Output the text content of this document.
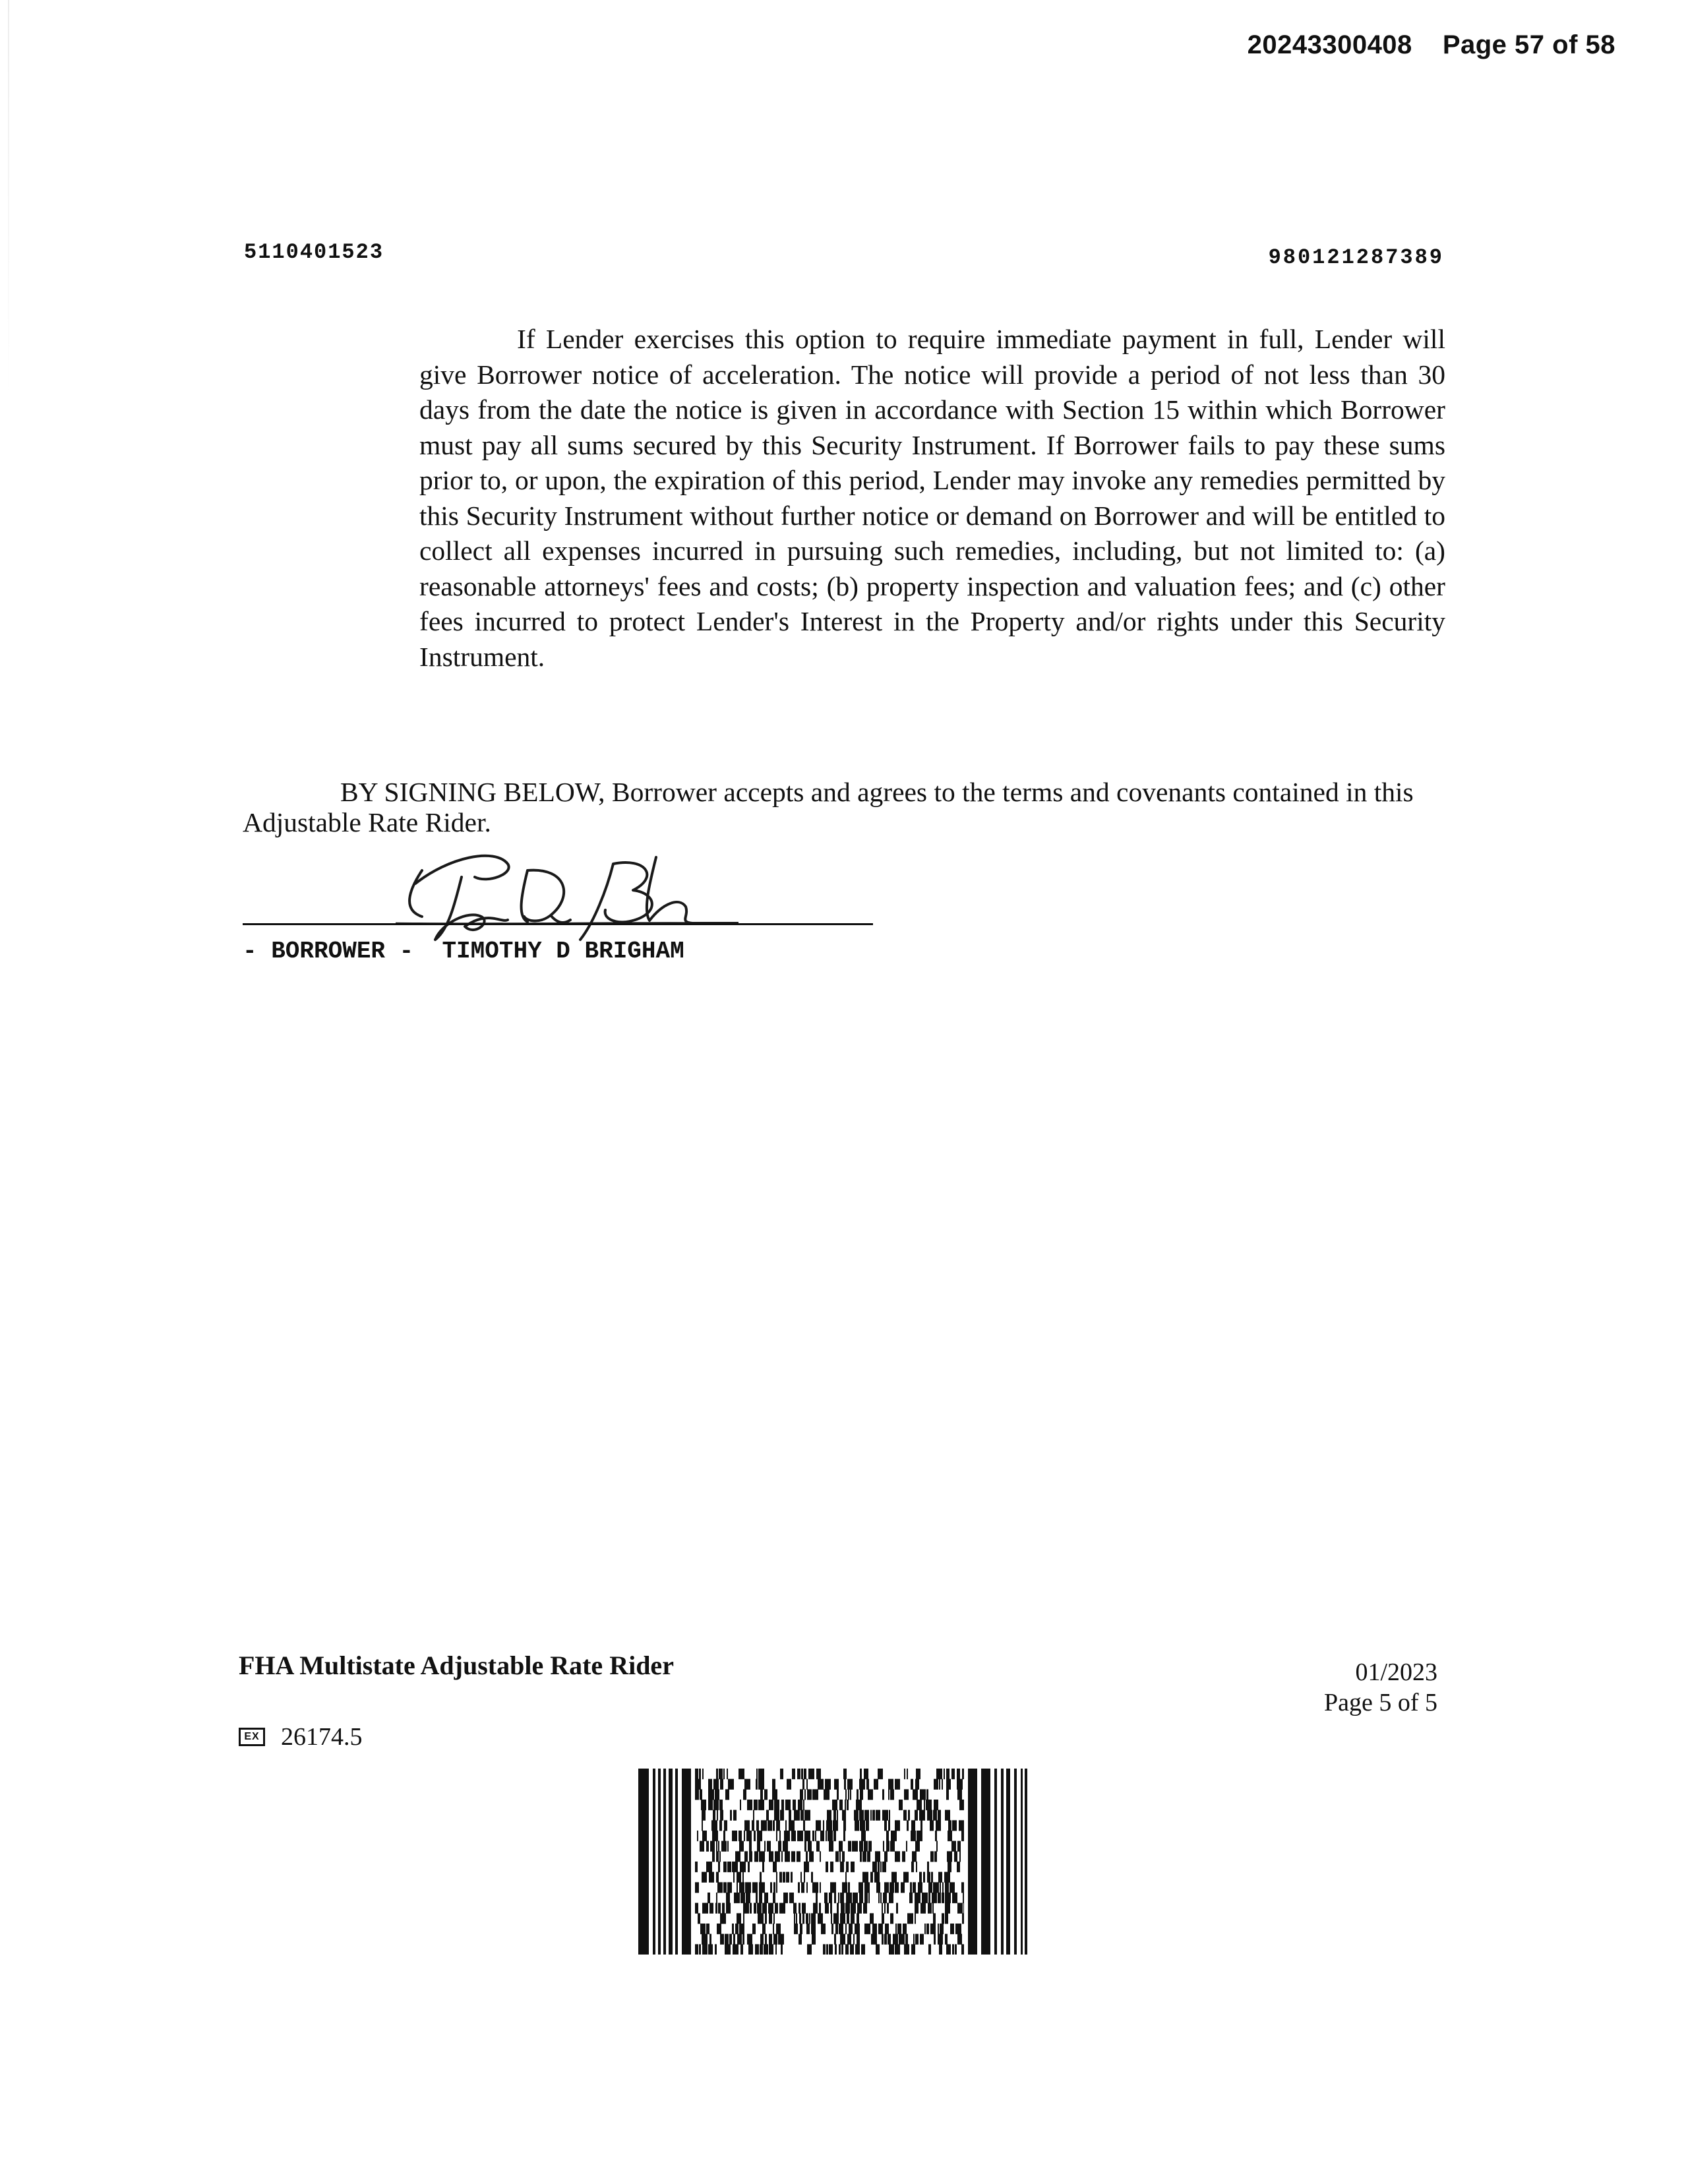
20243300408 Page 57 of 58
5110401523	980121287389

If Lender exercises this option to require immediate payment in full, Lender will give Borrower notice of acceleration. The notice will provide a period of not less than 30 days from the date the notice is given in accordance with Section 15 within which Borrower must pay all sums secured by this Security Instrument. If Borrower fails to pay these sums prior to, or upon, the expiration of this period, Lender may invoke any remedies permitted by this Security Instrument without further notice or demand on Borrower and will be entitled to collect all expenses incurred in pursuing such remedies, including, but not limited to: (a) reasonable attorneys' fees and costs; (b) property inspection and valuation fees; and (c) other fees incurred to protect Lender's Interest in the Property and/or rights under this Security Instrument.

BY SIGNING BELOW, Borrower accepts and agrees to the terms and covenants contained in this Adjustable Rate Rider.

- BORROWER -  TIMOTHY D BRIGHAM
FHA Multistate Adjustable Rate Rider	01/2023
Page 5 of 5
EX 26174.5
